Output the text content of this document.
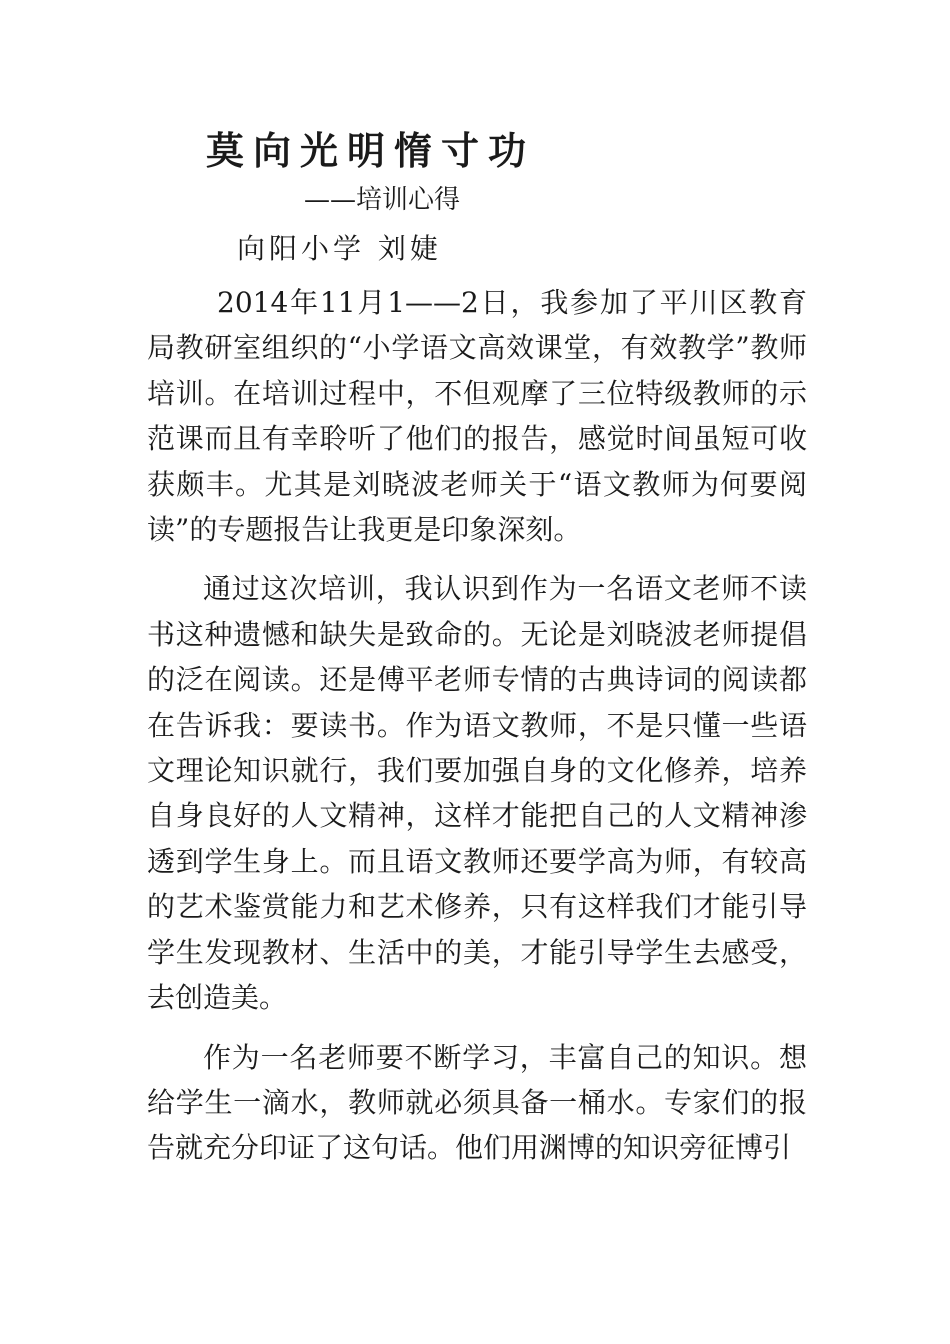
莫向光明惰寸功
——培训心得
向阳小学 刘婕

2014年11月1——2日，我参加了平川区教育局教研室组织的“小学语文高效课堂，有效教学”教师培训。在培训过程中，不但观摩了三位特级教师的示范课而且有幸聆听了他们的报告，感觉时间虽短可收获颇丰。尤其是刘晓波老师关于“语文教师为何要阅读”的专题报告让我更是印象深刻。

通过这次培训，我认识到作为一名语文老师不读书这种遗憾和缺失是致命的。无论是刘晓波老师提倡的泛在阅读。还是傅平老师专情的古典诗词的阅读都在告诉我：要读书。作为语文教师，不是只懂一些语文理论知识就行，我们要加强自身的文化修养，培养自身良好的人文精神，这样才能把自己的人文精神渗透到学生身上。而且语文教师还要学高为师，有较高的艺术鉴赏能力和艺术修养，只有这样我们才能引导学生发现教材、生活中的美，才能引导学生去感受，去创造美。

作为一名老师要不断学习，丰富自己的知识。想给学生一滴水，教师就必须具备一桶水。专家们的报告就充分印证了这句话。他们用渊博的知识旁征博引
